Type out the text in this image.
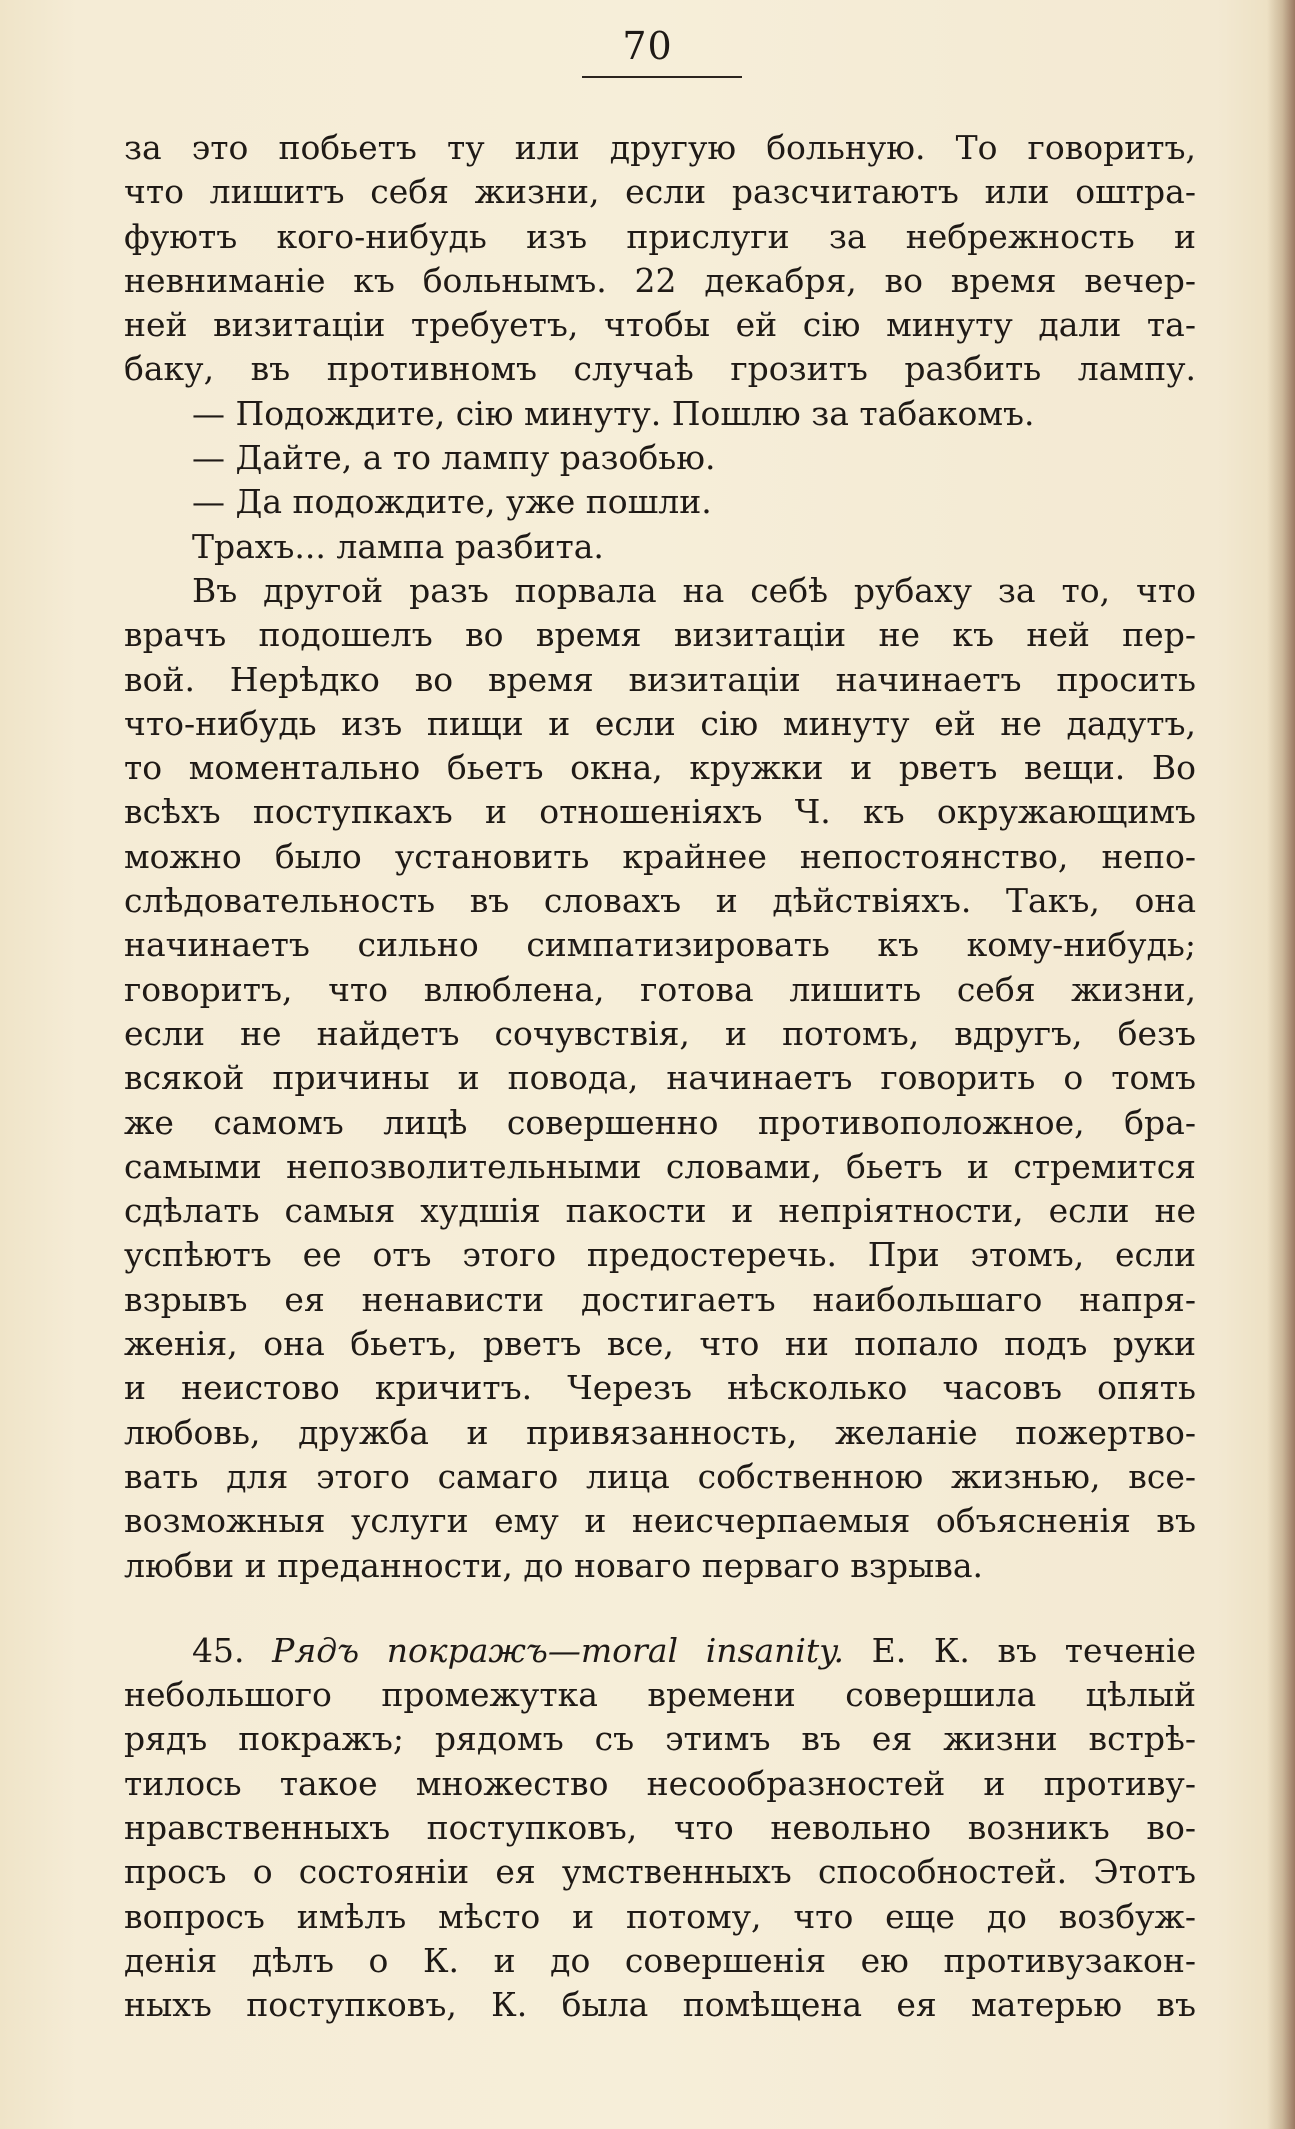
70
за это побьетъ ту или другую больную. То говоритъ,
что лишитъ себя жизни, если разсчитаютъ или оштра-
фуютъ кого-нибудь изъ прислуги за небрежность и
невниманіе къ больнымъ. 22 декабря, во время вечер-
ней визитаціи требуетъ, чтобы ей сію минуту дали та-
баку, въ противномъ случаѣ грозитъ разбить лампу.
— Подождите, сію минуту. Пошлю за табакомъ.
— Дайте, а то лампу разобью.
— Да подождите, уже пошли.
Трахъ... лампа разбита.
Въ другой разъ порвала на себѣ рубаху за то, что
врачъ подошелъ во время визитаціи не къ ней пер-
вой. Нерѣдко во время визитаціи начинаетъ просить
что-нибудь изъ пищи и если сію минуту ей не дадутъ,
то моментально бьетъ окна, кружки и рветъ вещи. Во
всѣхъ поступкахъ и отношеніяхъ Ч. къ окружающимъ
можно было установить крайнее непостоянство, непо-
слѣдовательность въ словахъ и дѣйствіяхъ. Такъ, она
начинаетъ сильно симпатизировать къ кому-нибудь;
говоритъ, что влюблена, готова лишить себя жизни,
если не найдетъ сочувствія, и потомъ, вдругъ, безъ
всякой причины и повода, начинаетъ говорить о томъ
же самомъ лицѣ совершенно противоположное, бра-
самыми непозволительными словами, бьетъ и стремится
сдѣлать самыя худшія пакости и непріятности, если не
успѣютъ ее отъ этого предостеречь. При этомъ, если
взрывъ ея ненависти достигаетъ наибольшаго напря-
женія, она бьетъ, рветъ все, что ни попало подъ руки
и неистово кричитъ. Черезъ нѣсколько часовъ опять
любовь, дружба и привязанность, желаніе пожертво-
вать для этого самаго лица собственною жизнью, все-
возможныя услуги ему и неисчерпаемыя объясненія въ
любви и преданности, до новаго перваго взрыва.
45. Рядъ покражъ—moral insanity. Е. К. въ теченіе
небольшого промежутка времени совершила цѣлый
рядъ покражъ; рядомъ съ этимъ въ ея жизни встрѣ-
тилось такое множество несообразностей и противу-
нравственныхъ поступковъ, что невольно возникъ во-
просъ о состояніи ея умственныхъ способностей. Этотъ
вопросъ имѣлъ мѣсто и потому, что еще до возбуж-
денія дѣлъ о К. и до совершенія ею противузакон-
ныхъ поступковъ, К. была помѣщена ея матерью въ
